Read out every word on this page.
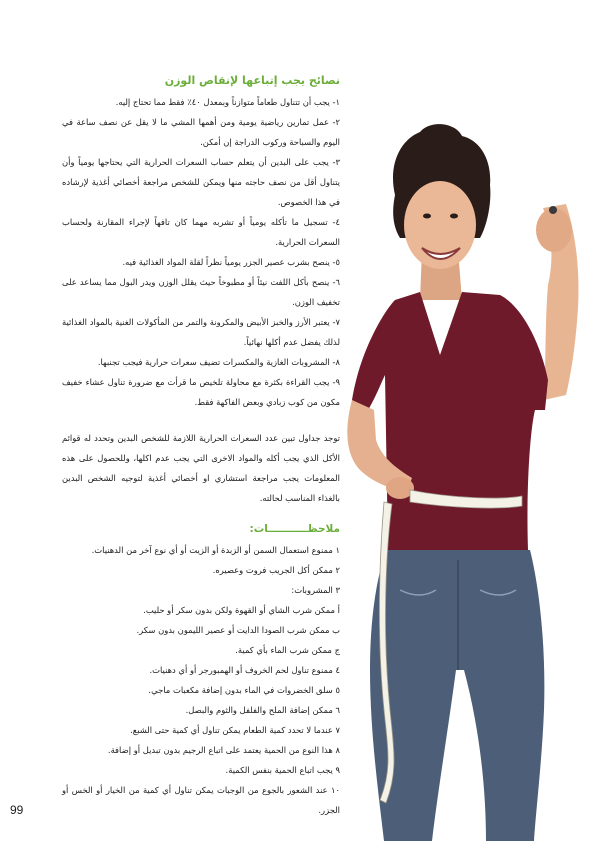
نصائح يجب إتباعها لإنقاص الوزن

١- يجب أن تتناول طعاماً متوازناً وبمعدل ٤٠٪ فقط مما تحتاج إليه.

٢- عمل تمارين رياضية يومية ومن أهمها المشي ما لا يقل عن نصف ساعة في اليوم والسباحة وركوب الدراجة إن أمكن.

٣- يجب على البدين أن يتعلم حساب السعرات الحرارية التي يحتاجها يومياً وأن يتناول أقل من نصف حاجته منها ويمكن للشخص مراجعة أخصائي أغذية لإرشاده في هذا الخصوص.

٤- تسجيل ما تأكله يومياً أو تشربه مهما كان تافهاً لإجراء المقارنة ولحساب السعرات الحرارية.

٥- ينصح بشرب عصير الجزر يومياً نظراً لقلة المواد الغذائية فيه.

٦- ينصح بأكل اللفت نيئاً أو مطبوخاً حيث يقلل الوزن ويدر البول مما يساعد على تخفيف الوزن.

٧- يعتبر الأرز والخبز الأبيض والمكرونة والتمر من المأكولات الغنية بالمواد الغذائية لذلك يفضل عدم أكلها نهائياً.

٨- المشروبات الغازية والمكسرات تضيف سعرات حرارية فيجب تجنبها.

٩- يجب القراءة بكثرة مع محاولة تلخيص ما قرأت مع ضرورة تناول عشاء خفيف مكون من كوب زبادي وبعض الفاكهة فقط.

توجد جداول تبين عدد السعرات الحرارية اللازمة للشخص البدين وتحدد له قوائم الأكل الذي يجب أكله والمواد الاخرى التي يجب عدم اكلها، وللحصول على هذه المعلومات يجب مراجعة استشاري او أخصائي أغذية لتوجيه الشخص البدين بالغذاء المناسب لحالته.

ملاحظـــــــــــات:

١ ممنوع استعمال السمن أو الزبدة أو الزيت أو أي نوع آخر من الدهنيات.

٢ ممكن أكل الجريب فروت وعصيره.

٣ المشروبات:

أ ممكن شرب الشاي أو القهوة ولكن بدون سكر أو حليب.

ب ممكن شرب الصودا الدايت أو عصير الليمون بدون سكر.

ج ممكن شرب الماء بأي كمية.

٤ ممنوع تناول لحم الخروف أو الهمبورجر أو أي دهنيات.

٥ سلق الخضروات في الماء بدون إضافة مكعبات ماجي.

٦ ممكن إضافة الملح والفلفل والثوم والبصل.

٧ عندما لا تحدد كمية الطعام يمكن تناول أي كمية حتى الشبع.

٨ هذا النوع من الحمية يعتمد على اتباع الرجيم بدون تبديل أو إضافة.

٩ يجب اتباع الحمية بنفس الكمية.

١٠ عند الشعور بالجوع من الوجبات يمكن تناول أي كمية من الخيار أو الخس أو الجزر.

99
